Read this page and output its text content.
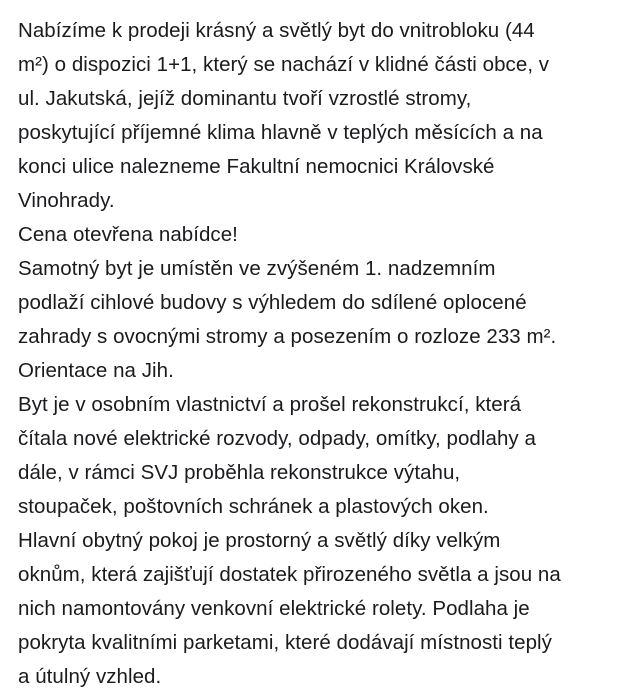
Nabízíme k prodeji krásný a světlý byt do vnitrobloku (44
m²) o dispozici 1+1, který se nachází v klidné části obce, v
ul. Jakutská, jejíž dominantu tvoří vzrostlé stromy,
poskytující příjemné klima hlavně v teplých měsících a na
konci ulice nalezneme Fakultní nemocnici Královské
Vinohrady.
Cena otevřena nabídce!
Samotný byt je umístěn ve zvýšeném 1. nadzemním
podlaží cihlové budovy s výhledem do sdílené oplocené
zahrady s ovocnými stromy a posezením o rozloze 233 m².
Orientace na Jih.
Byt je v osobním vlastnictví a prošel rekonstrukcí, která
čítala nové elektrické rozvody, odpady, omítky, podlahy a
dále, v rámci SVJ proběhla rekonstrukce výtahu,
stoupaček, poštovních schránek a plastových oken.
Hlavní obytný pokoj je prostorný a světlý díky velkým
oknům, která zajišťují dostatek přirozeného světla a jsou na
nich namontovány venkovní elektrické rolety. Podlaha je
pokryta kvalitními parketami, které dodávají místnosti teplý
a útulný vzhled.
